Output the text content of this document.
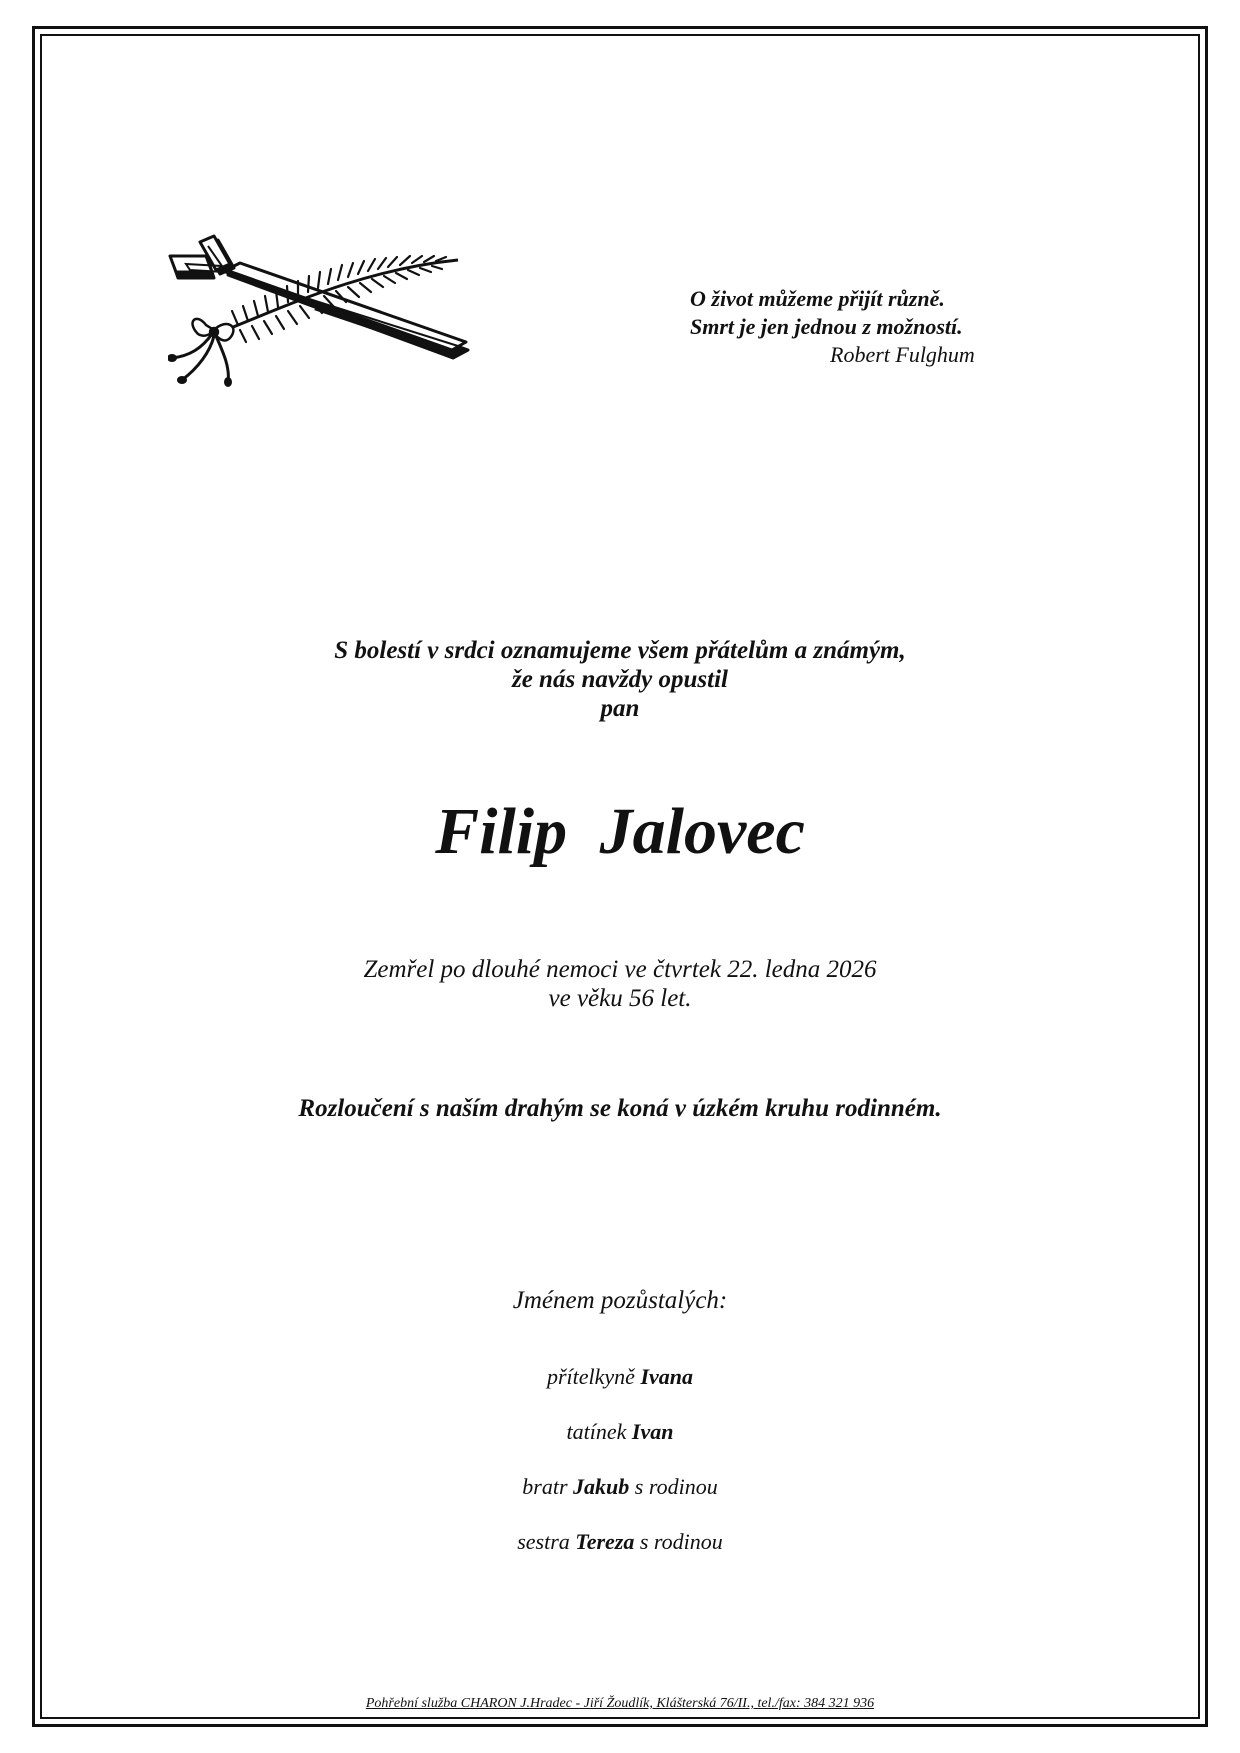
O život můžeme přijít různě.
Smrt je jen jednou z možností.
Robert Fulghum
S bolestí v srdci oznamujeme všem přátelům a známým,
že nás navždy opustil
pan
Filip Jalovec
Zemřel po dlouhé nemoci ve čtvrtek 22. ledna 2026
ve věku 56 let.
Rozloučení s naším drahým se koná v úzkém kruhu rodinném.
Jménem pozůstalých:
přítelkyně Ivana
tatínek Ivan
bratr Jakub s rodinou
sestra Tereza s rodinou
Pohřební služba CHARON J.Hradec - Jiří Žoudlík, Klášterská 76/II., tel./fax: 384 321 936
